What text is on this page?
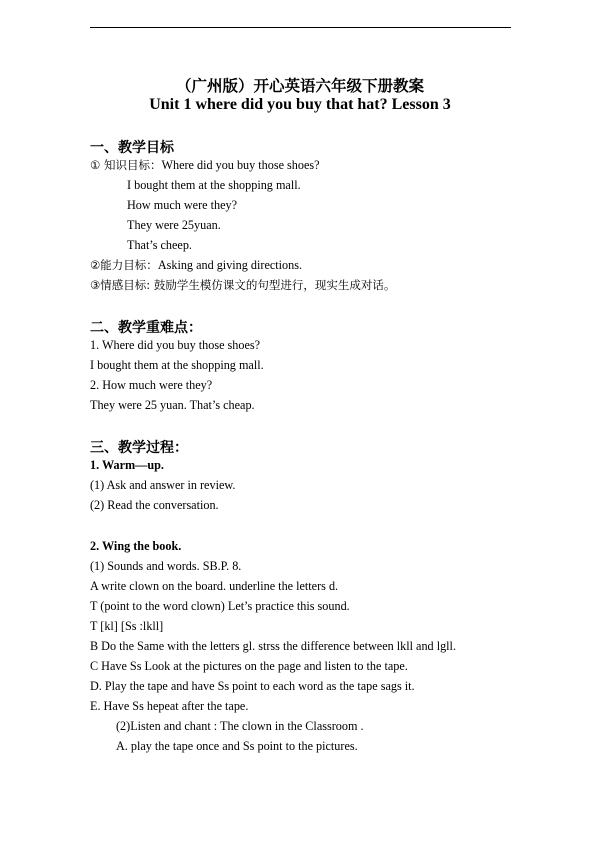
（广州版）开心英语六年级下册教案
Unit 1 where did you buy that hat? Lesson 3
一、教学目标
① 知识目标：Where did you buy those shoes?
I bought them at the shopping mall.
How much were they?
They were 25yuan.
That’s cheep.
②能力目标：Asking and giving directions.
③情感目标: 鼓励学生模仿课文的句型进行，现实生成对话。
二、教学重难点：
1. Where did you buy those shoes?
I bought them at the shopping mall.
2. How much were they?
They were 25 yuan. That’s cheap.
三、教学过程：
1. Warm—up.
(1) Ask and answer in review.
(2) Read the conversation.
2. Wing the book.
(1) Sounds and words. SB.P. 8.
A write clown on the board. underline the letters d.
T (point to the word clown) Let’s practice this sound.
T [kl] [Ss :lkll]
B Do the Same with the letters gl. strss the difference between lkll and lgll.
C Have Ss Look at the pictures on the page and listen to the tape.
D. Play the tape and have Ss point to each word as the tape sags it.
E. Have Ss hepeat after the tape.
(2)Listen and chant : The clown in the Classroom .
A. play the tape once and Ss point to the pictures.
